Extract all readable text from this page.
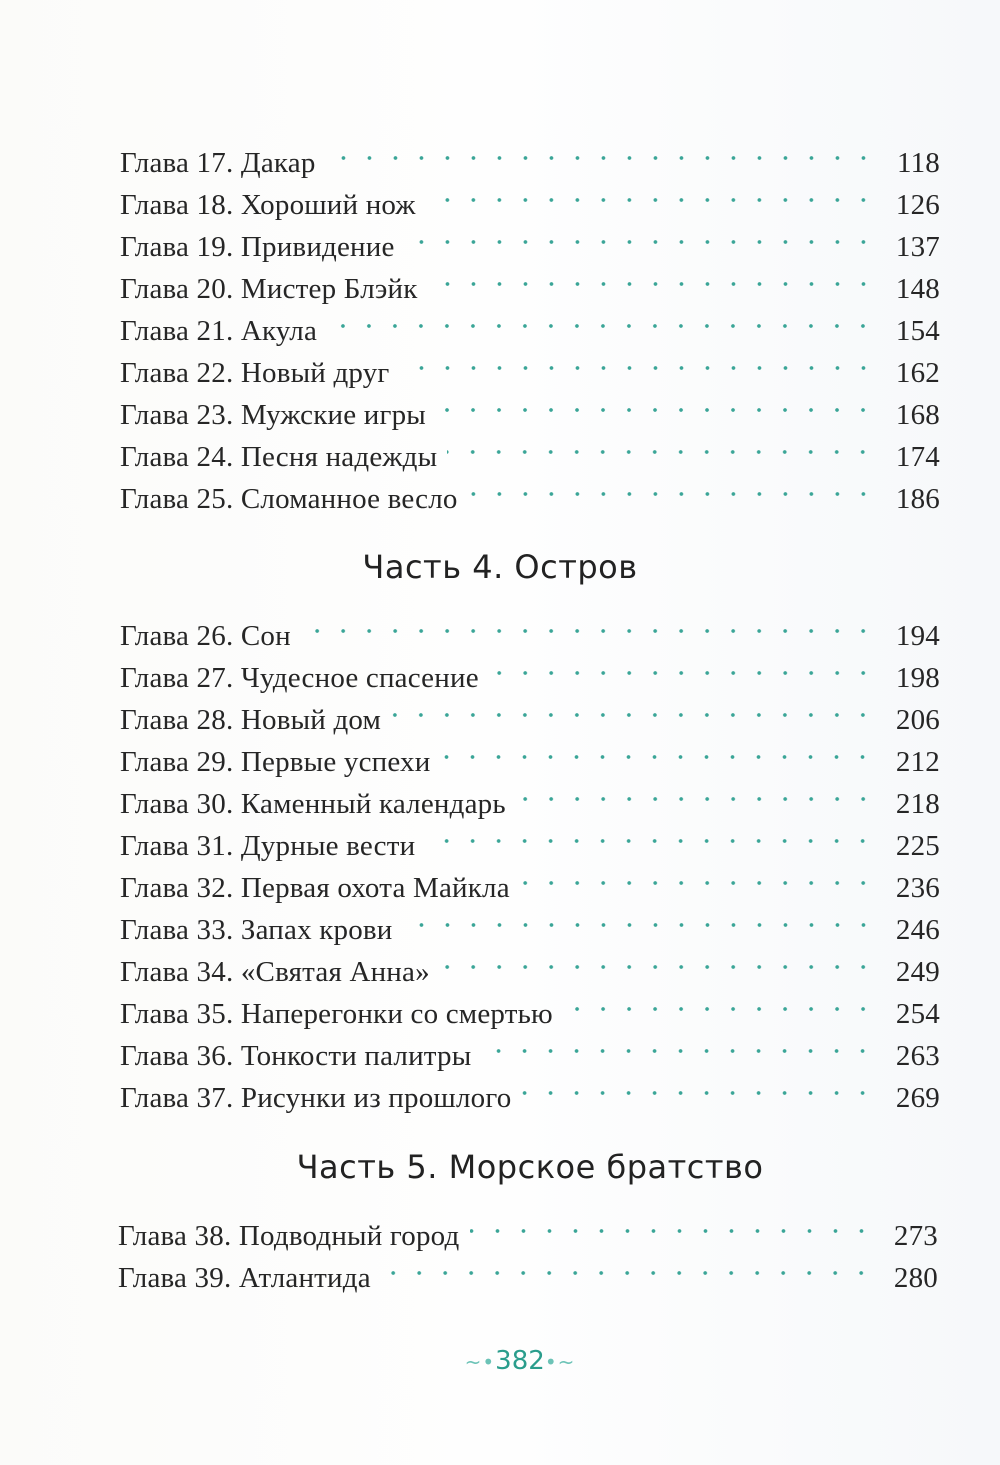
Глава 17. Дакар	118
Глава 18. Хороший нож	126
Глава 19. Привидение	137
Глава 20. Мистер Блэйк	148
Глава 21. Акула	154
Глава 22. Новый друг	162
Глава 23. Мужские игры	168
Глава 24. Песня надежды	174
Глава 25. Сломанное весло	186
Часть 4. Остров
Глава 26. Сон	194
Глава 27. Чудесное спасение	198
Глава 28. Новый дом	206
Глава 29. Первые успехи	212
Глава 30. Каменный календарь	218
Глава 31. Дурные вести	225
Глава 32. Первая охота Майкла	236
Глава 33. Запах крови	246
Глава 34. «Святая Анна»	249
Глава 35. Наперегонки со смертью	254
Глава 36. Тонкости палитры	263
Глава 37. Рисунки из прошлого	269
Часть 5. Морское братство
Глава 38. Подводный город	273
Глава 39. Атлантида	280
~•382•~
